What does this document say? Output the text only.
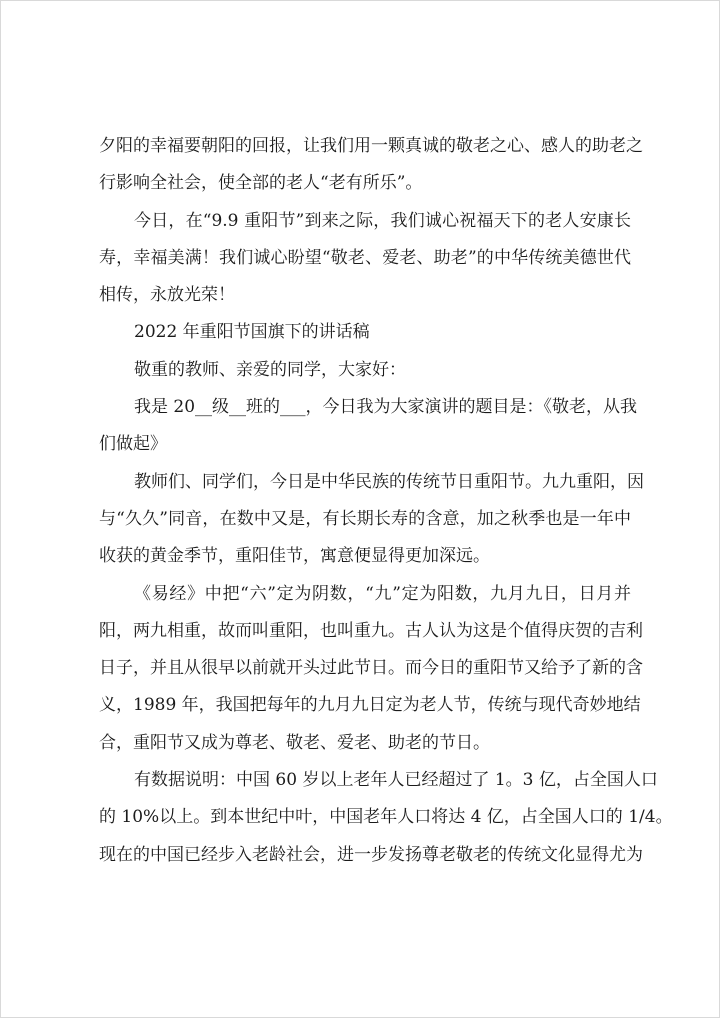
夕阳的幸福要朝阳的回报，让我们用一颗真诚的敬老之心、感人的助老之
行影响全社会，使全部的老人“老有所乐”。
今日，在“9.9 重阳节”到来之际，我们诚心祝福天下的老人安康长
寿，幸福美满！我们诚心盼望“敬老、爱老、助老”的中华传统美德世代
相传，永放光荣！
2022 年重阳节国旗下的讲话稿
敬重的教师、亲爱的同学，大家好：
我是 20__级__班的___，今日我为大家演讲的题目是：《敬老，从我
们做起》
教师们、同学们，今日是中华民族的传统节日重阳节。九九重阳，因
与“久久”同音，在数中又是，有长期长寿的含意，加之秋季也是一年中
收获的黄金季节，重阳佳节，寓意便显得更加深远。
《易经》中把“六”定为阴数，“九”定为阳数，九月九日，日月并
阳，两九相重，故而叫重阳，也叫重九。古人认为这是个值得庆贺的吉利
日子，并且从很早以前就开头过此节日。而今日的重阳节又给予了新的含
义，1989 年，我国把每年的九月九日定为老人节，传统与现代奇妙地结
合，重阳节又成为尊老、敬老、爱老、助老的节日。
有数据说明：中国 60 岁以上老年人已经超过了 1。3 亿，占全国人口
的 10%以上。到本世纪中叶，中国老年人口将达 4 亿，占全国人口的 1/4。
现在的中国已经步入老龄社会，进一步发扬尊老敬老的传统文化显得尤为
